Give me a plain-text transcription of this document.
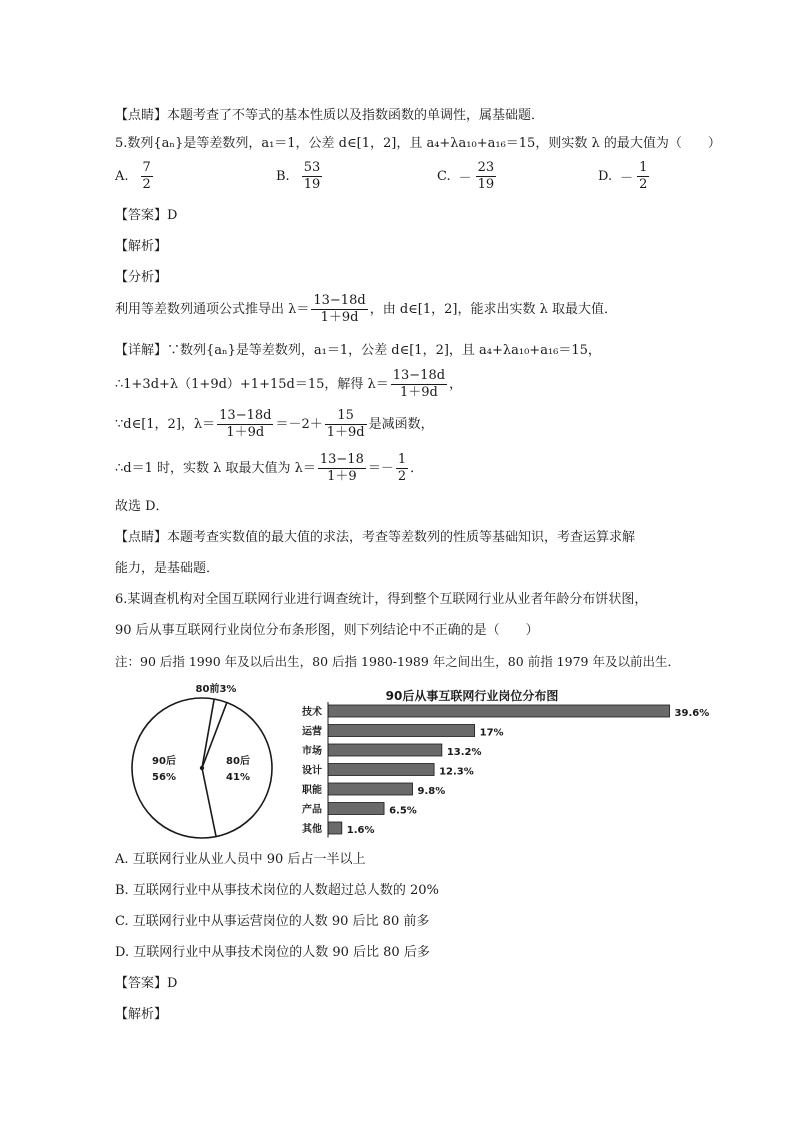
【点睛】本题考查了不等式的基本性质以及指数函数的单调性，属基础题．
5.数列{aₙ}是等差数列，a₁＝1，公差 d∈[1，2]，且 a₄+λa₁₀+a₁₆＝15，则实数 λ 的最大值为（　　）
A. $\frac{7}{2}$	B. $\frac{53}{19}$	C. － $\frac{23}{19}$	D. － $\frac{1}{2}$
【答案】D
【解析】
【分析】
利用等差数列通项公式推导出 $\lambda= \frac{13-18d}{1+9d}$ ，由 d∈[1，2]，能求出实数 λ 取最大值．
【详解】∵数列{aₙ}是等差数列，a₁＝1，公差 d∈[1，2]，且 a₄+λa₁₀+a₁₆＝15，
∴1+3d+λ（1+9d）+1+15d＝15，解得 $\lambda= \frac{13-18d}{1+9d}$ ，
∵d∈[1，2]，$\lambda= \frac{13-18d}{1+9d} =-2+ \frac{15}{1+9d}$ 是减函数，
∴d＝1 时，实数 λ 取最大值为 $\lambda= \frac{13-18}{1+9} =- \frac{1}{2}$ ．
故选 D．
【点睛】本题考查实数值的最大值的求法，考查等差数列的性质等基础知识，考查运算求解
能力，是基础题．
6.某调查机构对全国互联网行业进行调查统计，得到整个互联网行业从业者年龄分布饼状图，
90 后从事互联网行业岗位分布条形图，则下列结论中不正确的是（　　）
注：90 后指 1990 年及以后出生，80 后指 1980-1989 年之间出生，80 前指 1979 年及以前出生．
90后
56%
80后
41%
80前3%	90后从事互联网行业岗位分布图
技术	39.6%
运营	17%
市场	13.2%
设计	12.3%
职能	9.8%
产品	6.5%
其他 1.6%
A. 互联网行业从业人员中 90 后占一半以上
B. 互联网行业中从事技术岗位的人数超过总人数的 20%
C. 互联网行业中从事运营岗位的人数 90 后比 80 前多
D. 互联网行业中从事技术岗位的人数 90 后比 80 后多
【答案】D
【解析】
